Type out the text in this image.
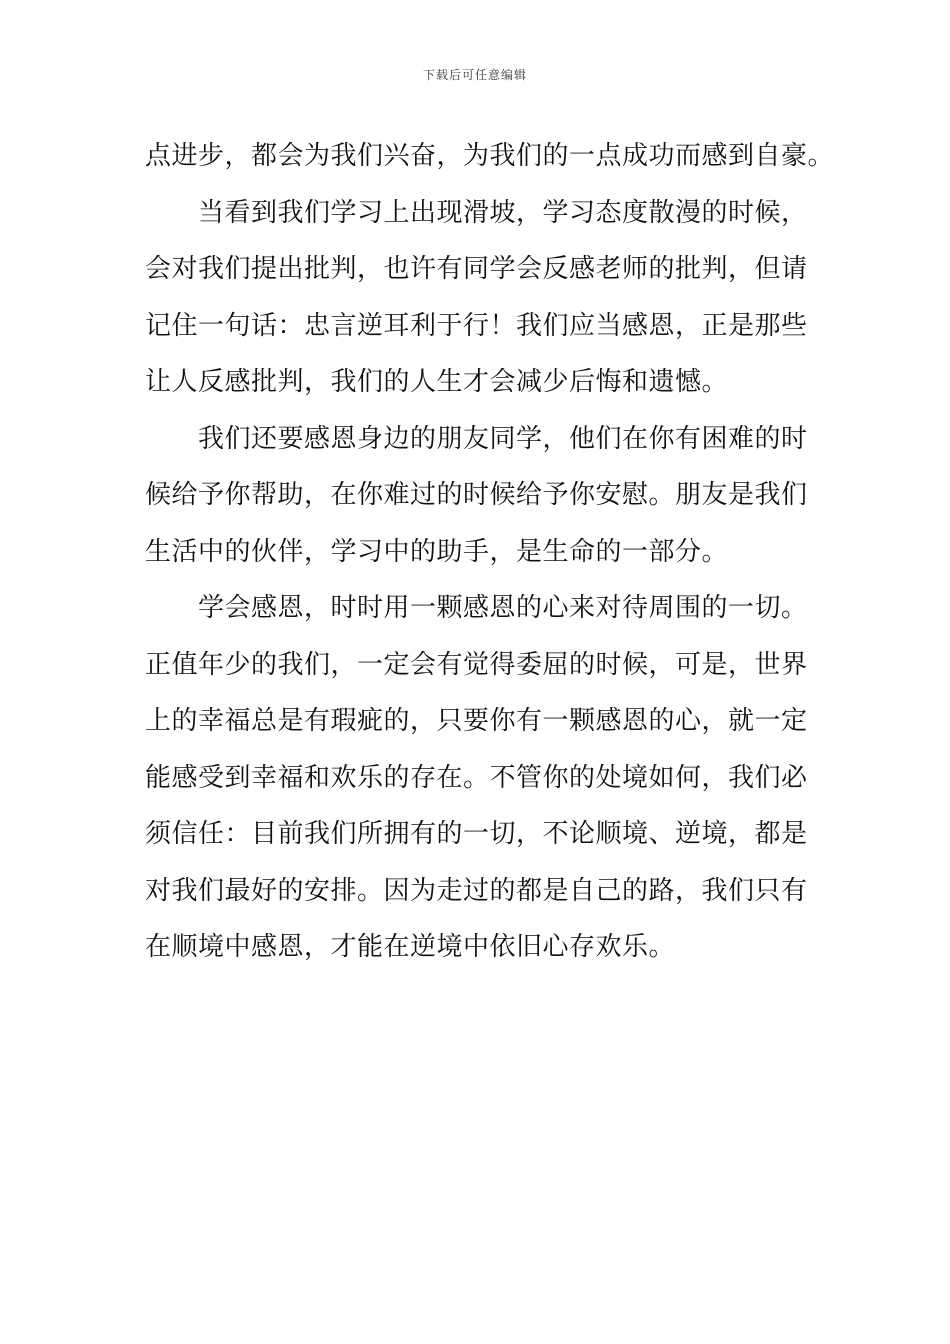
下载后可任意编辑
点进步，都会为我们兴奋，为我们的一点成功而感到自豪。
　　当看到我们学习上出现滑坡，学习态度散漫的时候，
会对我们提出批判，也许有同学会反感老师的批判，但请
记住一句话：忠言逆耳利于行！我们应当感恩，正是那些
让人反感批判，我们的人生才会减少后悔和遗憾。
　　我们还要感恩身边的朋友同学，他们在你有困难的时
候给予你帮助，在你难过的时候给予你安慰。朋友是我们
生活中的伙伴，学习中的助手，是生命的一部分。
　　学会感恩，时时用一颗感恩的心来对待周围的一切。
正值年少的我们，一定会有觉得委屈的时候，可是，世界
上的幸福总是有瑕疵的，只要你有一颗感恩的心，就一定
能感受到幸福和欢乐的存在。不管你的处境如何，我们必
须信任：目前我们所拥有的一切，不论顺境、逆境，都是
对我们最好的安排。因为走过的都是自己的路，我们只有
在顺境中感恩，才能在逆境中依旧心存欢乐。
